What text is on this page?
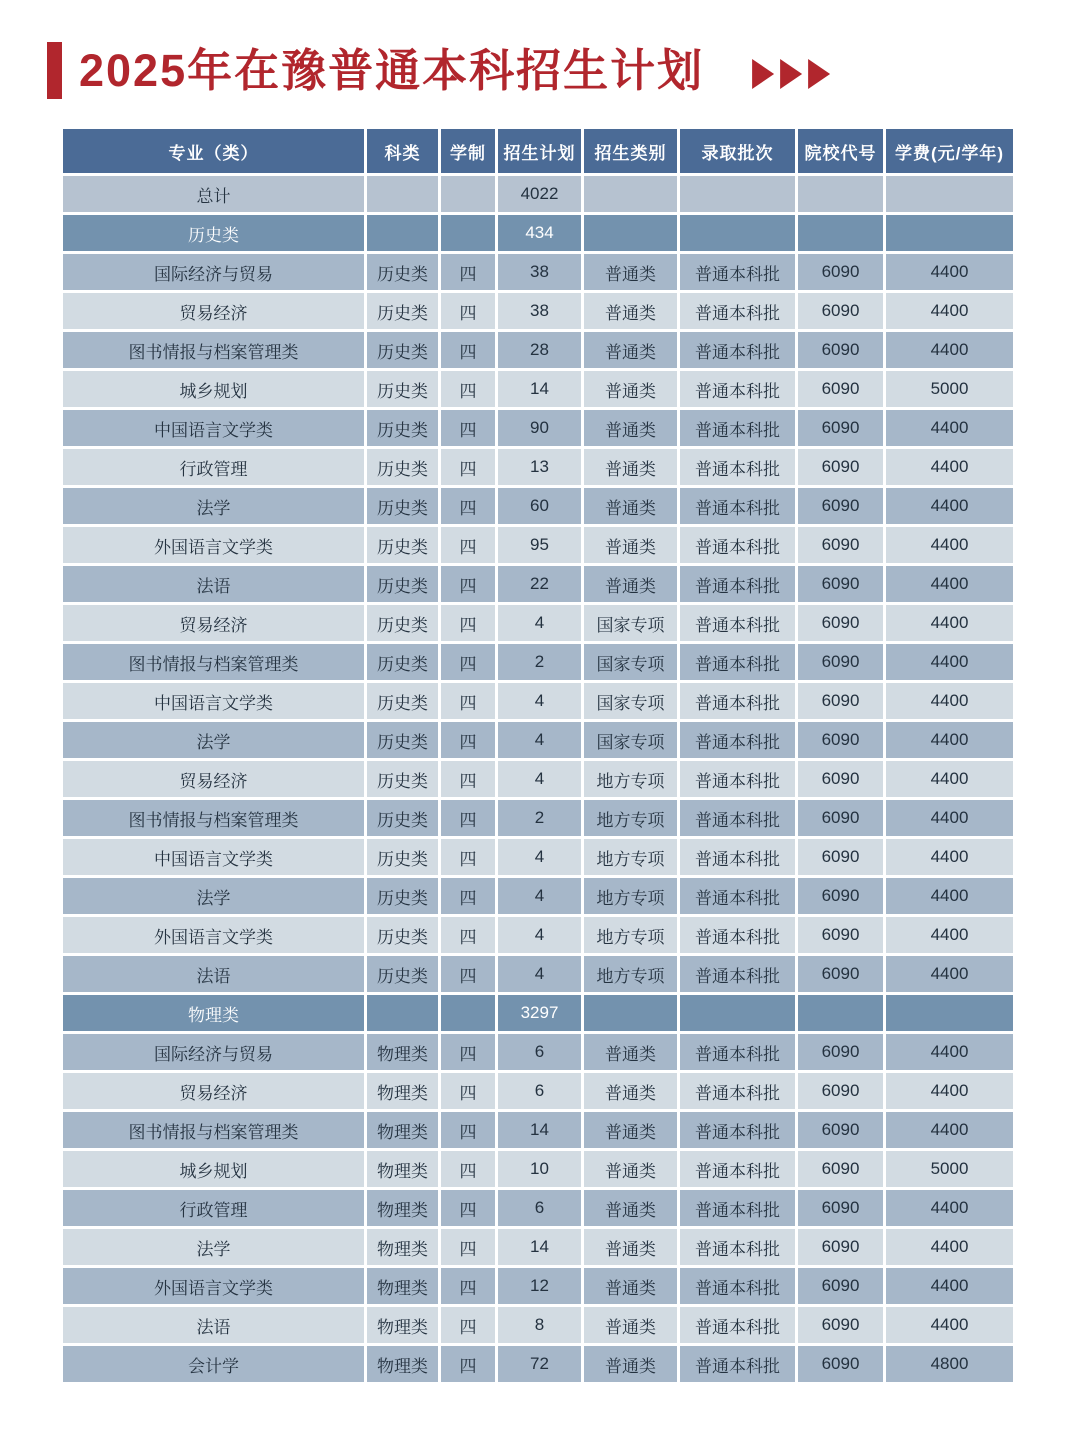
2025年在豫普通本科招生计划
专业（类）	科类	学制	招生计划	招生类别	录取批次	院校代号	学费(元/学年)
总计			4022				
历史类			434				
国际经济与贸易	历史类	四	38	普通类	普通本科批	6090	4400
贸易经济	历史类	四	38	普通类	普通本科批	6090	4400
图书情报与档案管理类	历史类	四	28	普通类	普通本科批	6090	4400
城乡规划	历史类	四	14	普通类	普通本科批	6090	5000
中国语言文学类	历史类	四	90	普通类	普通本科批	6090	4400
行政管理	历史类	四	13	普通类	普通本科批	6090	4400
法学	历史类	四	60	普通类	普通本科批	6090	4400
外国语言文学类	历史类	四	95	普通类	普通本科批	6090	4400
法语	历史类	四	22	普通类	普通本科批	6090	4400
贸易经济	历史类	四	4	国家专项	普通本科批	6090	4400
图书情报与档案管理类	历史类	四	2	国家专项	普通本科批	6090	4400
中国语言文学类	历史类	四	4	国家专项	普通本科批	6090	4400
法学	历史类	四	4	国家专项	普通本科批	6090	4400
贸易经济	历史类	四	4	地方专项	普通本科批	6090	4400
图书情报与档案管理类	历史类	四	2	地方专项	普通本科批	6090	4400
中国语言文学类	历史类	四	4	地方专项	普通本科批	6090	4400
法学	历史类	四	4	地方专项	普通本科批	6090	4400
外国语言文学类	历史类	四	4	地方专项	普通本科批	6090	4400
法语	历史类	四	4	地方专项	普通本科批	6090	4400
物理类			3297				
国际经济与贸易	物理类	四	6	普通类	普通本科批	6090	4400
贸易经济	物理类	四	6	普通类	普通本科批	6090	4400
图书情报与档案管理类	物理类	四	14	普通类	普通本科批	6090	4400
城乡规划	物理类	四	10	普通类	普通本科批	6090	5000
行政管理	物理类	四	6	普通类	普通本科批	6090	4400
法学	物理类	四	14	普通类	普通本科批	6090	4400
外国语言文学类	物理类	四	12	普通类	普通本科批	6090	4400
法语	物理类	四	8	普通类	普通本科批	6090	4400
会计学	物理类	四	72	普通类	普通本科批	6090	4800
